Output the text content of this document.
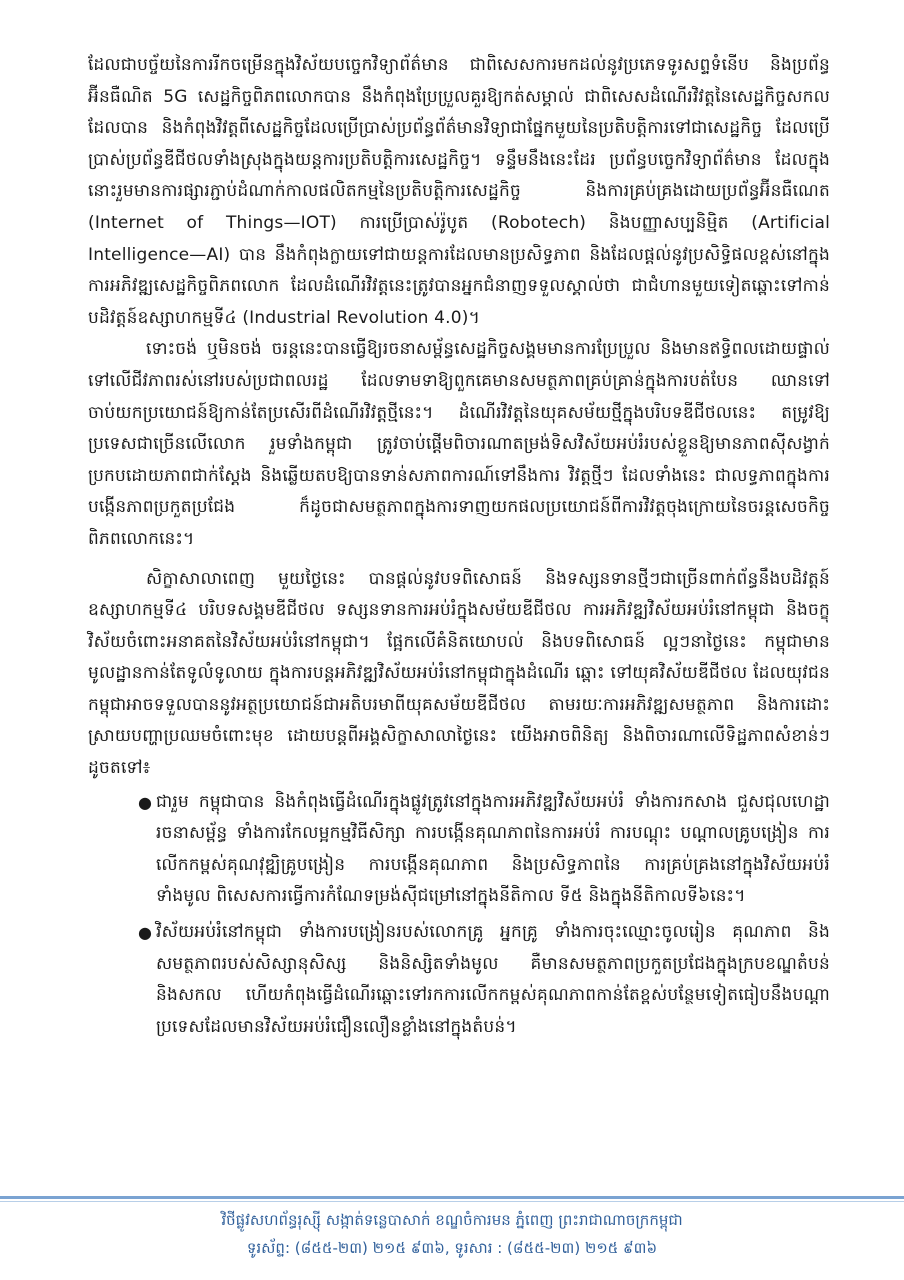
ដែលជាបច្ច័យនៃការរីកចម្រើនក្នុងវិស័យបច្ចេកវិទ្យាព័ត៌មាន ជាពិសេសការមកដល់នូវប្រភេទទូរសព្ទទំនើប និងប្រព័ន្ធអ៊ីនធឺណិត 5G សេដ្ឋកិច្ចពិភពលោកបាន នឹងកំពុងប្រែប្រួលគួរឱ្យកត់សម្គាល់ ជាពិសេសដំណើរវិវត្តនៃសេដ្ឋកិច្ចសកលដែលបាន និងកំពុងវិវត្តពីសេដ្ឋកិច្ចដែលប្រើប្រាស់ប្រព័ន្ធព័ត៌មានវិទ្យាជាផ្នែកមួយនៃប្រតិបត្តិការទៅជាសេដ្ឋកិច្ច ដែលប្រើប្រាស់ប្រព័ន្ធឌីជីថលទាំងស្រុងក្នុងយន្តការប្រតិបត្តិការសេដ្ឋកិច្ច។ ទន្ទឹមនឹងនេះដែរ ប្រព័ន្ធបច្ចេកវិទ្យាព័ត៌មាន ដែលក្នុងនោះរួមមានការផ្សារភ្ជាប់ដំណាក់កាលផលិតកម្មនៃប្រតិបត្តិការសេដ្ឋកិច្ច និងការគ្រប់គ្រងដោយប្រព័ន្ធអ៊ីនធឺណេត (Internet of Things—IOT) ការប្រើប្រាស់រ៉ូបូត (Robotech) និងបញ្ញាសប្បនិម្មិត (Artificial Intelligence—AI) បាន នឹងកំពុងក្លាយទៅជាយន្តការដែលមានប្រសិទ្ធភាព និងដែលផ្តល់នូវប្រសិទ្ធិផលខ្ពស់នៅក្នុងការអភិវឌ្ឍសេដ្ឋកិច្ចពិភពលោក ដែលដំណើរវិវត្តនេះត្រូវបានអ្នកជំនាញទទួលស្គាល់ថា ជាជំហានមួយទៀតឆ្ពោះទៅកាន់បដិវត្តន៍ឧស្សាហកម្មទី៤ (Industrial Revolution 4.0)។

ទោះចង់ ឬមិនចង់ ចរន្តនេះបានធ្វើឱ្យរចនាសម្ព័ន្ធសេដ្ឋកិច្ចសង្គមមានការប្រែប្រួល និងមានឥទ្ធិពលដោយផ្ទាល់ទៅលើជីវភាពរស់នៅរបស់ប្រជាពលរដ្ឋ ដែលទាមទាឱ្យពួកគេមានសមត្ថភាពគ្រប់គ្រាន់ក្នុងការបត់បែន ឈានទៅចាប់យកប្រយោជន៍ឱ្យកាន់តែប្រសើរពីដំណើរវិវត្តថ្មីនេះ។ ដំណើរវិវត្តនៃយុគសម័យថ្មីក្នុងបរិបទឌីជីថលនេះ តម្រូវឱ្យប្រទេសជាច្រើនលើលោក រួមទាំងកម្ពុជា ត្រូវចាប់ផ្តើមពិចារណាតម្រង់ទិសវិស័យអប់រំរបស់ខ្លួនឱ្យមានភាពស៊ីសង្វាក់ ប្រកបដោយភាពជាក់ស្តែង និងឆ្លើយតបឱ្យបានទាន់សភាពការណ៍ទៅនឹងការ វិវត្តថ្មីៗ ដែលទាំងនេះ ជាលទ្ធភាពក្នុងការបង្កើនភាពប្រកួតប្រជែង ក៏ដូចជាសមត្ថភាពក្នុងការទាញយកផលប្រយោជន៍ពីការវិវត្តចុងក្រោយនៃចរន្តសេចកិច្ចពិភពលោកនេះ។

សិក្ខាសាលាពេញ មួយថ្ងៃនេះ បានផ្តល់នូវបទពិសោធន៍ និងទស្សនទានថ្មីៗជាច្រើនពាក់ព័ន្ធនឹងបដិវត្តន៍ឧស្សាហកម្មទី៤ បរិបទសង្គមឌីជីថល ទស្សនទានការអប់រំក្នុងសម័យឌីជីថល ការអភិវឌ្ឍវិស័យអប់រំនៅកម្ពុជា និងចក្ខុវិស័យចំពោះអនាគតនៃវិស័យអប់រំនៅកម្ពុជា។ ផ្អែកលើគំនិតយោបល់ និងបទពិសោធន៍ ល្អៗនាថ្ងៃនេះ កម្ពុជាមានមូលដ្ឋានកាន់តែទូលំទូលាយ ក្នុងការបន្តអភិវឌ្ឍវិស័យអប់រំនៅកម្ពុជាក្នុងដំណើរ ឆ្ពោះ ទៅយុគវិស័យឌីជីថល ដែលយុវជនកម្ពុជាអាចទទួលបាននូវអត្ថប្រយោជន៍ជាអតិបរមាពីយុគសម័យឌីជីថល តាមរយៈការអភិវឌ្ឍសមត្ថភាព និងការដោះស្រាយបញ្ហាប្រឈមចំពោះមុខ ដោយបន្តពីអង្គសិក្ខាសាលាថ្ងៃនេះ យើងអាចពិនិត្យ និងពិចារណាលើទិដ្ឋភាពសំខាន់ៗដូចតទៅ៖

● ជារួម កម្ពុជាបាន និងកំពុងធ្វើដំណើរក្នុងផ្លូវត្រូវនៅក្នុងការអភិវឌ្ឍវិស័យអប់រំ ទាំងការកសាង ជួសជុលហេដ្ឋារចនាសម្ព័ន្ធ ទាំងការកែលម្អកម្មវិធីសិក្សា ការបង្កើនគុណភាពនៃការអប់រំ ការបណ្តុះ បណ្តាលគ្រូបង្រៀន ការលើកកម្ពស់គុណវុឌ្ឍិគ្រូបង្រៀន ការបង្កើនគុណភាព និងប្រសិទ្ធភាពនៃ ការគ្រប់គ្រងនៅក្នុងវិស័យអប់រំទាំងមូល ពិសេសការធ្វើការកំណែទម្រង់ស៊ីជម្រៅនៅក្នុងនីតិកាល ទី៥ និងក្នុងនីតិកាលទី៦នេះ។
● វិស័យអប់រំនៅកម្ពុជា ទាំងការបង្រៀនរបស់លោកគ្រូ អ្នកគ្រូ ទាំងការចុះឈ្មោះចូលរៀន គុណភាព និងសមត្ថភាពរបស់សិស្សានុសិស្ស និងនិស្សិតទាំងមូល គឺមានសមត្ថភាពប្រកួតប្រជែងក្នុងក្របខណ្ឌតំបន់និងសកល ហើយកំពុងធ្វើដំណើរឆ្ពោះទៅរកការលើកកម្ពស់គុណភាពកាន់តែខ្ពស់បន្ថែមទៀតធៀបនឹងបណ្តាប្រទេសដែលមានវិស័យអប់រំជឿនលឿនខ្លាំងនៅក្នុងតំបន់។
វិថីផ្លូវសហព័ន្ធរុស្ស៊ី សង្កាត់ទន្លេបាសាក់ ខណ្ឌចំការមន ភ្នំពេញ ព្រះរាជាណាចក្រកម្ពុជា
ទូរស័ព្ទ: (៨៥៥-២៣) ២១៥ ៩៣៦, ទូរសារ : (៨៥៥-២៣) ២១៥ ៩៣៦
